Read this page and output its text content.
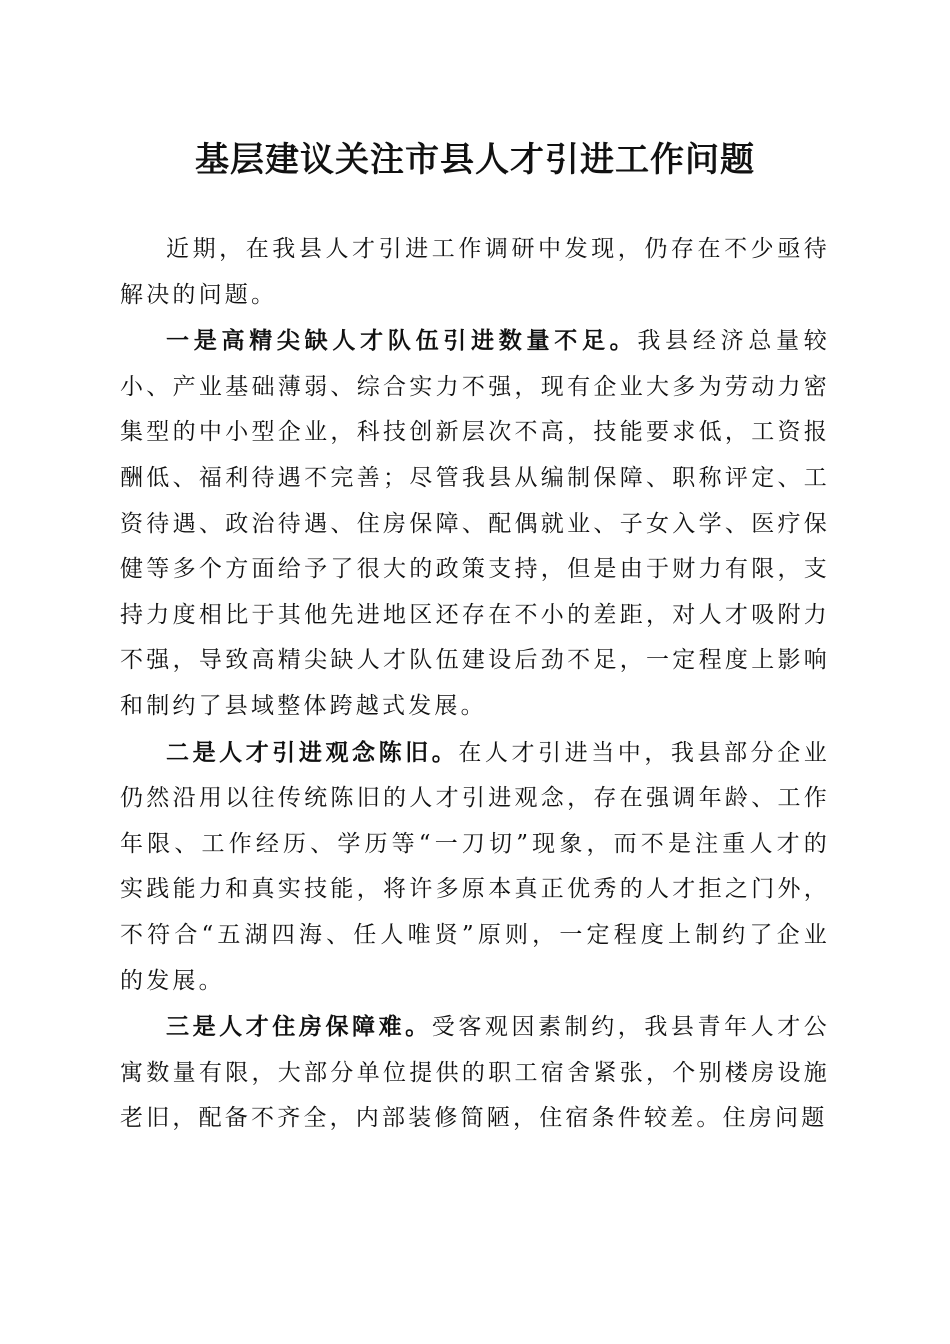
基层建议关注市县人才引进工作问题

近期，在我县人才引进工作调研中发现，仍存在不少亟待解决的问题。

一是高精尖缺人才队伍引进数量不足。我县经济总量较小、产业基础薄弱、综合实力不强，现有企业大多为劳动力密集型的中小型企业，科技创新层次不高，技能要求低，工资报酬低、福利待遇不完善；尽管我县从编制保障、职称评定、工资待遇、政治待遇、住房保障、配偶就业、子女入学、医疗保健等多个方面给予了很大的政策支持，但是由于财力有限，支持力度相比于其他先进地区还存在不小的差距，对人才吸附力不强，导致高精尖缺人才队伍建设后劲不足，一定程度上影响和制约了县域整体跨越式发展。

二是人才引进观念陈旧。在人才引进当中，我县部分企业仍然沿用以往传统陈旧的人才引进观念，存在强调年龄、工作年限、工作经历、学历等“一刀切”现象，而不是注重人才的实践能力和真实技能，将许多原本真正优秀的人才拒之门外，不符合“五湖四海、任人唯贤”原则，一定程度上制约了企业的发展。

三是人才住房保障难。受客观因素制约，我县青年人才公寓数量有限，大部分单位提供的职工宿舍紧张，个别楼房设施老旧，配备不齐全，内部装修简陋，住宿条件较差。住房问题
